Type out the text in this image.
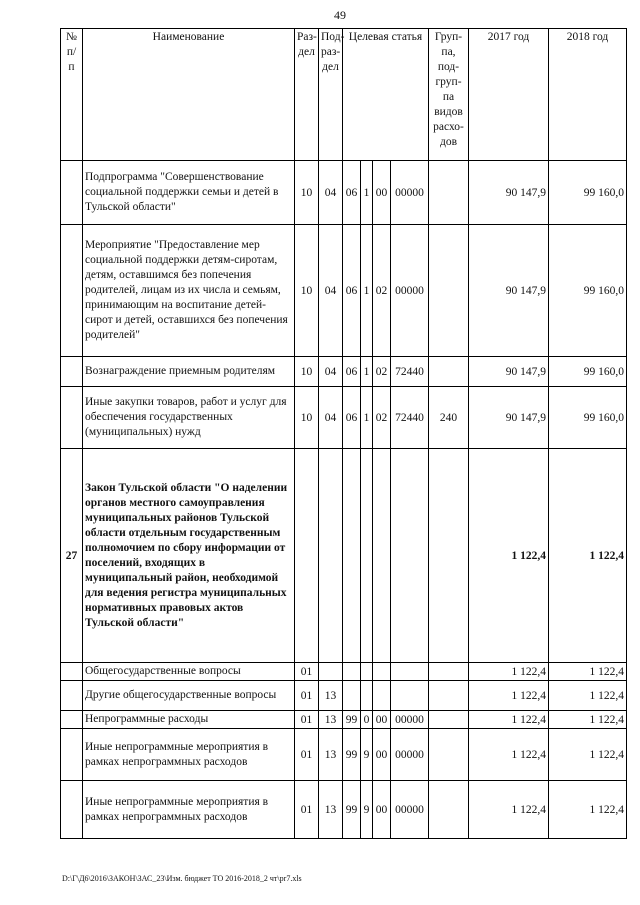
49
№ п/ п	Наименование	Раз-дел	Под-раз-дел	Целевая статья				Груп-па, под-груп-па видов расхо-дов	2017 год	2018 год
	Подпрограмма "Совершенствование социальной поддержки семьи и детей в Тульской области"	10	04	06	1	00	00000		90 147,9	99 160,0
	Мероприятие "Предоставление мер социальной поддержки детям-сиротам, детям, оставшимся без попечения родителей, лицам из их числа и семьям, принимающим на воспитание детей-сирот и детей, оставшихся без попечения родителей"	10	04	06	1	02	00000		90 147,9	99 160,0
	Вознаграждение приемным родителям	10	04	06	1	02	72440		90 147,9	99 160,0
	Иные закупки товаров, работ и услуг для обеспечения государственных (муниципальных) нужд	10	04	06	1	02	72440	240	90 147,9	99 160,0
27	Закон Тульской области "О наделении органов местного самоуправления муниципальных районов Тульской области отдельным государственным полномочием по сбору информации от поселений, входящих в муниципальный район, необходимой для ведения регистра муниципальных нормативных правовых актов Тульской области"								1 122,4	1 122,4
	Общегосударственные вопросы	01							1 122,4	1 122,4
	Другие общегосударственные вопросы	01	13						1 122,4	1 122,4
	Непрограммные расходы	01	13	99	0	00	00000		1 122,4	1 122,4
	Иные непрограммные мероприятия в рамках непрограммных расходов	01	13	99	9	00	00000		1 122,4	1 122,4
	Иные непрограммные мероприятия в рамках непрограммных расходов	01	13	99	9	00	00000		1 122,4	1 122,4
D:\Г\Д6\2016\ЗАКОН\ЗАС_23\Изм. бюджет ТО 2016-2018_2 чт\pr7.xls
